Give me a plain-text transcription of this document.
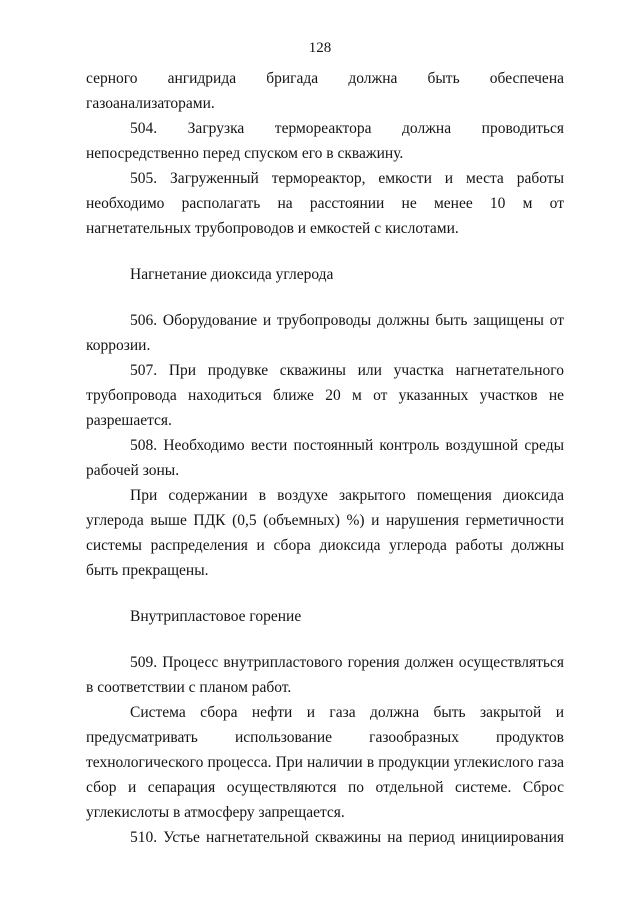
128

серного ангидрида бригада должна быть обеспечена газоанализаторами.

504. Загрузка термореактора должна проводиться

непосредственно перед спуском его в скважину.

505. Загруженный термореактор, емкости и места работы необходимо располагать на расстоянии не менее 10 м от нагнетательных трубопроводов и емкостей с кислотами.

Нагнетание диоксида углерода

506. Оборудование и трубопроводы должны быть защищены от коррозии.

507. При продувке скважины или участка нагнетательного трубопровода находиться ближе 20 м от указанных участков не разрешается.

508. Необходимо вести постоянный контроль воздушной среды рабочей зоны.

При содержании в воздухе закрытого помещения диоксида углерода выше ПДК (0,5 (объемных) %) и нарушения герметичности системы распределения и сбора диоксида углерода работы должны быть прекращены.

Внутрипластовое горение

509. Процесс внутрипластового горения должен осуществляться в соответствии с планом работ.

Система сбора нефти и газа должна быть закрытой и

предусматривать использование газообразных продуктов

технологического процесса. При наличии в продукции углекислого газа сбор и сепарация осуществляются по отдельной системе. Сброс углекислоты в атмосферу запрещается.

510. Устье нагнетательной скважины на период инициирования
